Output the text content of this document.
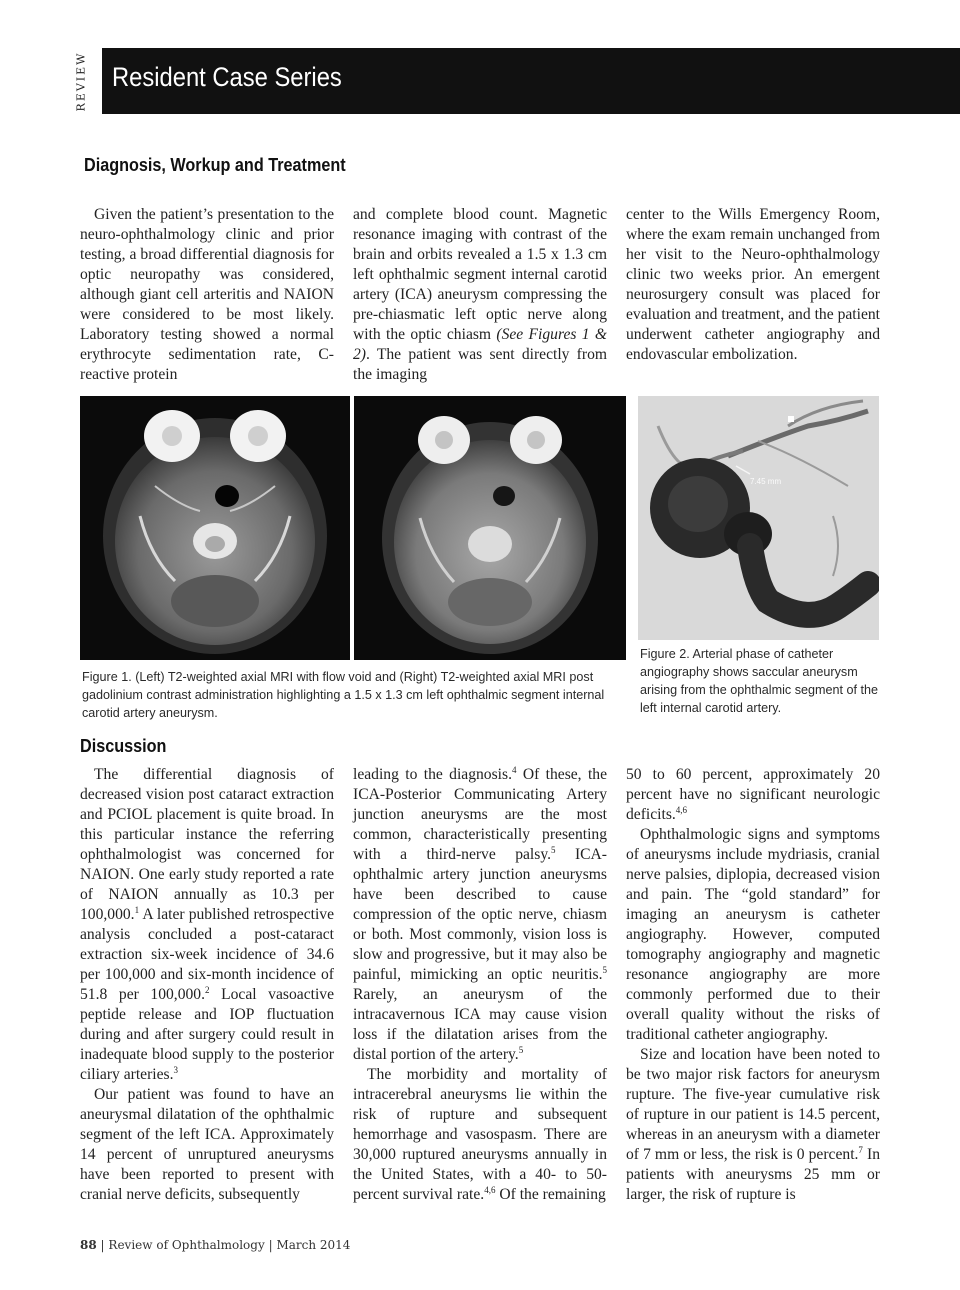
REVIEW Resident Case Series
Diagnosis, Workup and Treatment

Given the patient’s presentation to the neuro-ophthalmology clinic and prior testing, a broad differential diagnosis for optic neuropathy was considered, although giant cell arteritis and NAION were considered to be most likely. Laboratory testing showed a normal erythrocyte sedimentation rate, C-reactive protein

and complete blood count. Magnetic resonance imaging with contrast of the brain and orbits revealed a 1.5 x 1.3 cm left ophthalmic segment internal carotid artery (ICA) aneurysm compressing the pre-chiasmatic left optic nerve along with the optic chiasm (See Figures 1 & 2). The patient was sent directly from the imaging

center to the Wills Emergency Room, where the exam remain unchanged from her visit to the Neuro-ophthalmology clinic two weeks prior. An emergent neurosurgery consult was placed for evaluation and treatment, and the patient underwent catheter angiography and endovascular embolization.

7.45 mm
Figure 1. (Left) T2-weighted axial MRI with flow void and (Right) T2-weighted axial MRI post gadolinium contrast administration highlighting a 1.5 x 1.3 cm left ophthalmic segment internal carotid artery aneurysm.
Figure 2. Arterial phase of catheter angiography shows saccular aneurysm arising from the ophthalmic segment of the left internal carotid artery.
Discussion

The differential diagnosis of decreased vision post cataract extraction and PCIOL placement is quite broad. In this particular instance the referring ophthalmologist was concerned for NAION. One early study reported a rate of NAION annually as 10.3 per 100,000.$^1$ A later published retrospective analysis concluded a post-cataract extraction six-week incidence of 34.6 per 100,000 and six-month incidence of 51.8 per 100,000.$^2$ Local vasoactive peptide release and IOP fluctuation during and after surgery could result in inadequate blood supply to the posterior ciliary arteries.$^3$

Our patient was found to have an aneurysmal dilatation of the ophthalmic segment of the left ICA. Approximately 14 percent of unruptured aneurysms have been reported to present with cranial nerve deficits, subsequently

leading to the diagnosis.$^4$ Of these, the ICA-Posterior Communicating Artery junction aneurysms are the most common, characteristically presenting with a third-nerve palsy.$^5$ ICA-ophthalmic artery junction aneurysms have been described to cause compression of the optic nerve, chiasm or both. Most commonly, vision loss is slow and progressive, but it may also be painful, mimicking an optic neuritis.$^5$ Rarely, an aneurysm of the intracavernous ICA may cause vision loss if the dilatation arises from the distal portion of the artery.$^5$

The morbidity and mortality of intracerebral aneurysms lie within the risk of rupture and subsequent hemorrhage and vasospasm. There are 30,000 ruptured aneurysms annually in the United States, with a 40- to 50-percent survival rate.$^{4,6}$ Of the remaining

50 to 60 percent, approximately 20 percent have no significant neurologic deficits.$^{4,6}$

Ophthalmologic signs and symptoms of aneurysms include mydriasis, cranial nerve palsies, diplopia, decreased vision and pain. The “gold standard” for imaging an aneurysm is catheter angiography. However, computed tomography angiography and magnetic resonance angiography are more commonly performed due to their overall quality without the risks of traditional catheter angiography.

Size and location have been noted to be two major risk factors for aneurysm rupture. The five-year cumulative risk of rupture in our patient is 14.5 percent, whereas in an aneurysm with a diameter of 7 mm or less, the risk is 0 percent.$^7$ In patients with aneurysms 25 mm or larger, the risk of rupture is

88 | Review of Ophthalmology | March 2014
